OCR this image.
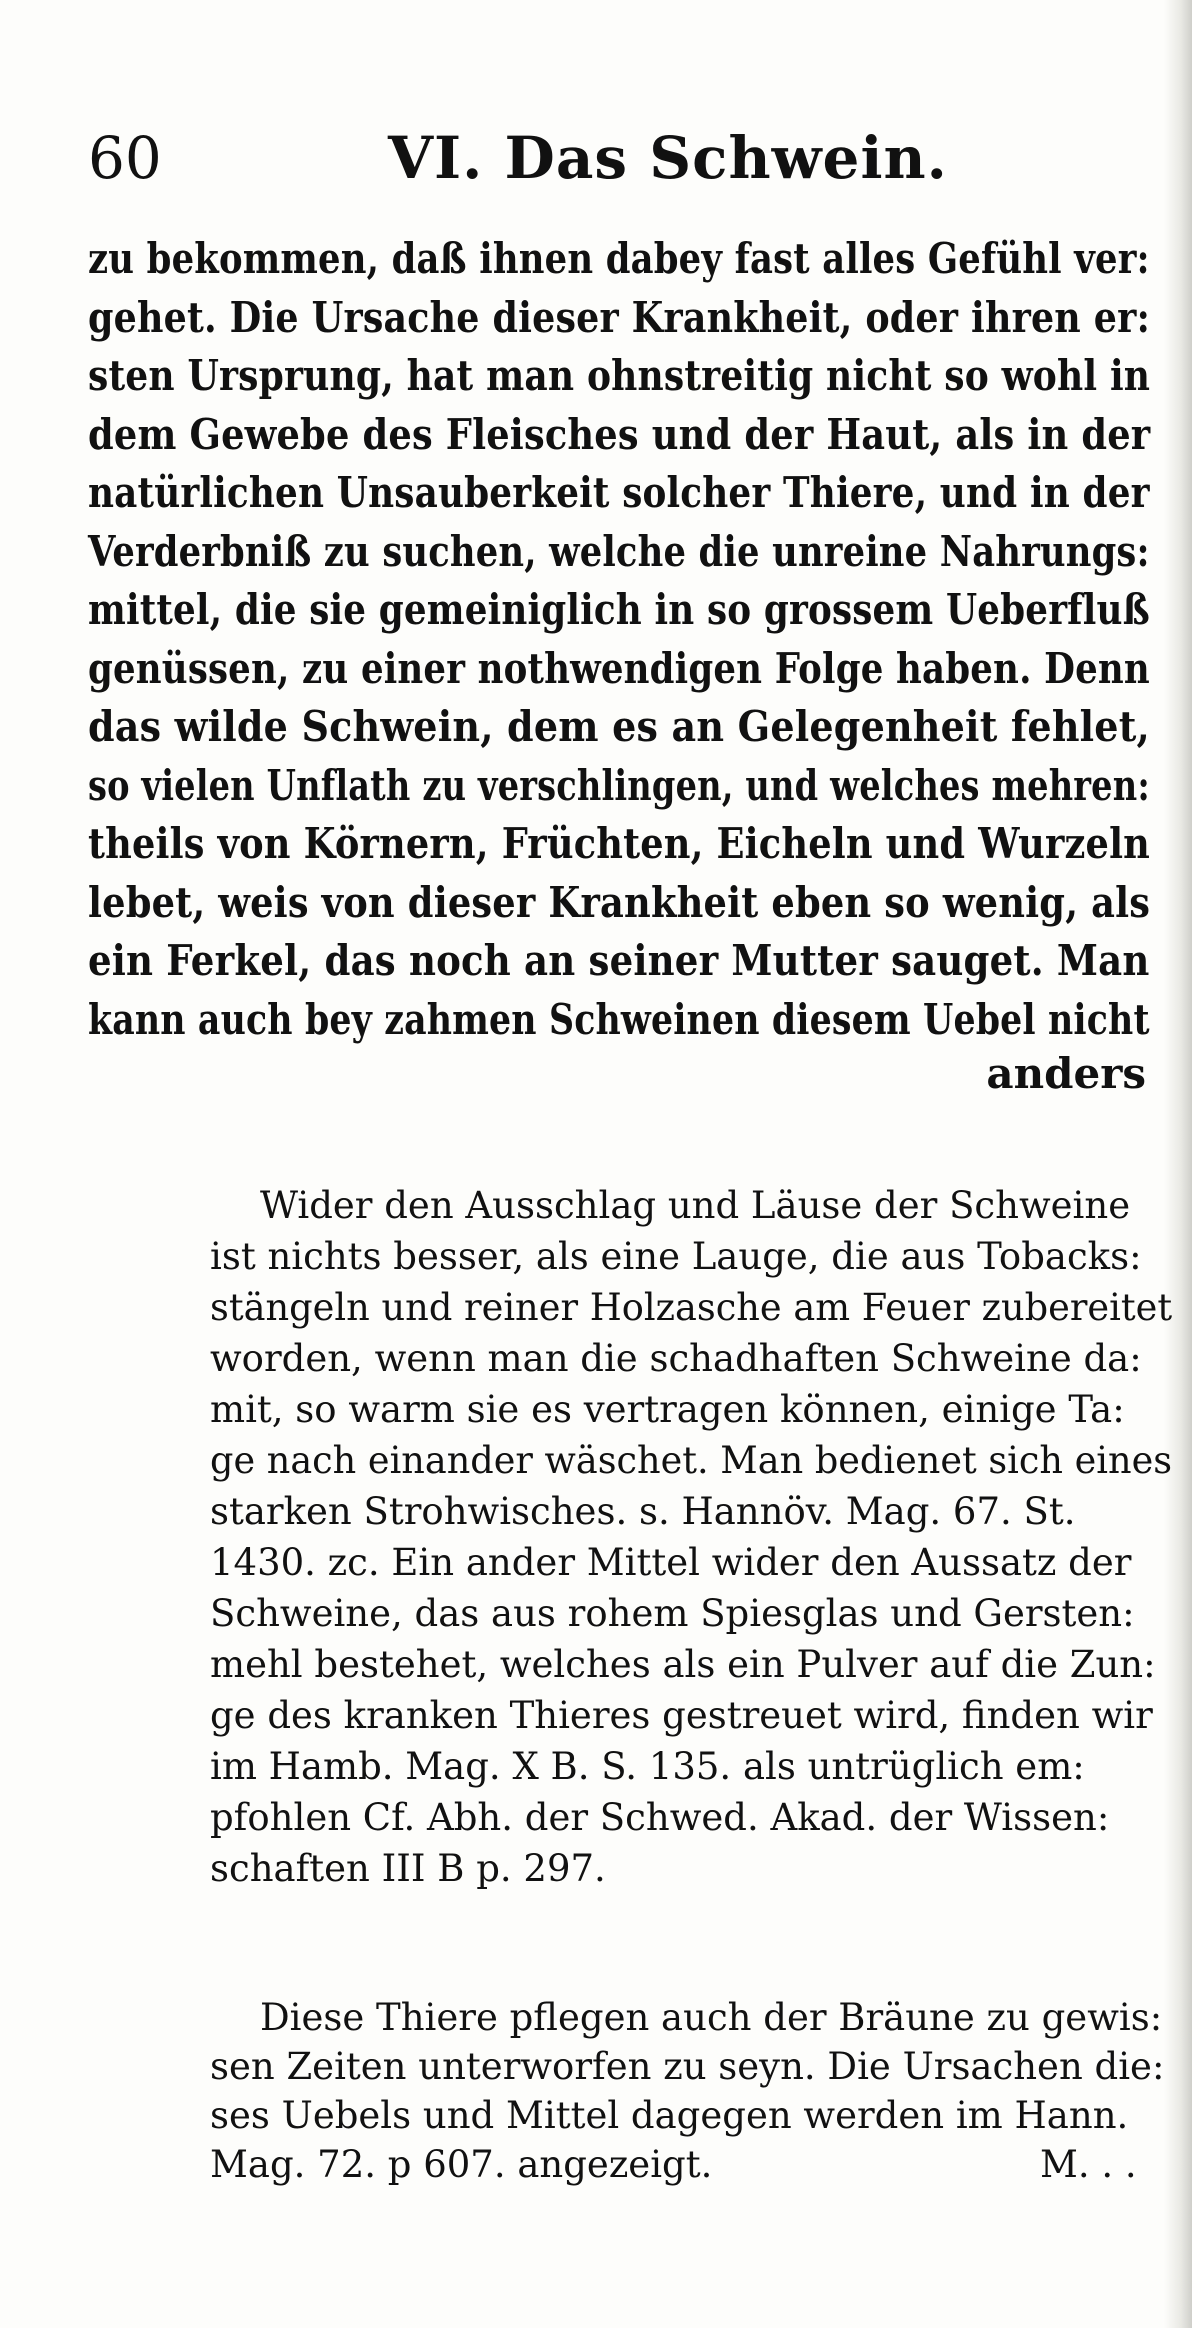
60	VI. Das Schwein.
zu bekommen, daß ihnen dabey fast alles Gefühl ver:
gehet. Die Ursache dieser Krankheit, oder ihren er:
sten Ursprung, hat man ohnstreitig nicht so wohl in
dem Gewebe des Fleisches und der Haut, als in der
natürlichen Unsauberkeit solcher Thiere, und in der
Verderbniß zu suchen, welche die unreine Nahrungs:
mittel, die sie gemeiniglich in so grossem Ueberfluß
genüssen, zu einer nothwendigen Folge haben. Denn
das wilde Schwein, dem es an Gelegenheit fehlet,
so vielen Unflath zu verschlingen, und welches mehren:
theils von Körnern, Früchten, Eicheln und Wurzeln
lebet, weis von dieser Krankheit eben so wenig, als
ein Ferkel, das noch an seiner Mutter sauget. Man
kann auch bey zahmen Schweinen diesem Uebel nicht
anders
Wider den Ausschlag und Läuse der Schweine
ist nichts besser, als eine Lauge, die aus Tobacks:
stängeln und reiner Holzasche am Feuer zubereitet
worden, wenn man die schadhaften Schweine da:
mit, so warm sie es vertragen können, einige Ta:
ge nach einander wäschet. Man bedienet sich eines
starken Strohwisches. s. Hannöv. Mag. 67. St.
1430. zc. Ein ander Mittel wider den Aussatz der
Schweine, das aus rohem Spiesglas und Gersten:
mehl bestehet, welches als ein Pulver auf die Zun:
ge des kranken Thieres gestreuet wird, finden wir
im Hamb. Mag. X B. S. 135. als untrüglich em:
pfohlen Cf. Abh. der Schwed. Akad. der Wissen:
schaften III B p. 297.
Diese Thiere pflegen auch der Bräune zu gewis:
sen Zeiten unterworfen zu seyn. Die Ursachen die:
ses Uebels und Mittel dagegen werden im Hann.
Mag. 72. p 607. angezeigt.	M. . .
